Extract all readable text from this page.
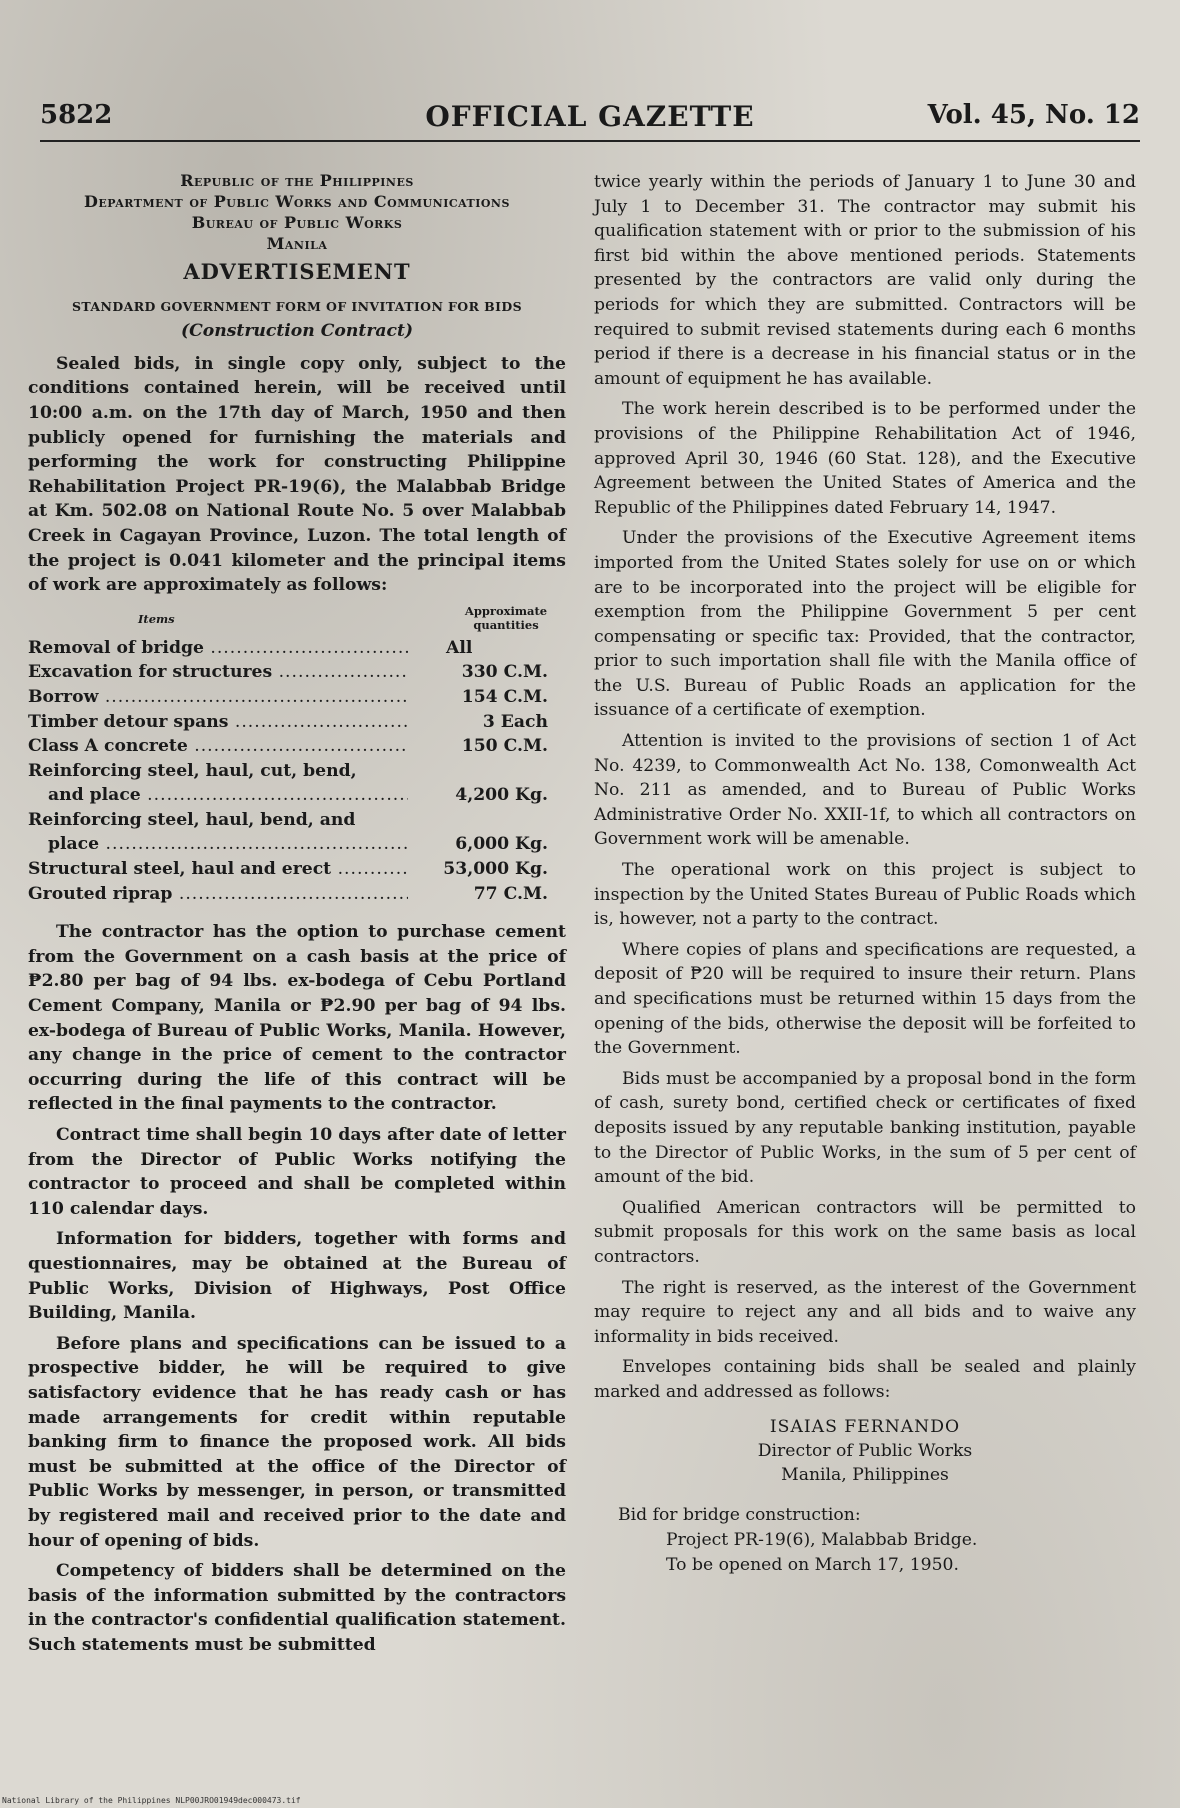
OFFICIAL GAZETTE
5822	Vol. 45, No. 12
Republic of the Philippines
Department of Public Works and Communications
Bureau of Public Works
Manila
ADVERTISEMENT
STANDARD GOVERNMENT FORM OF INVITATION FOR BIDS
(Construction Contract)

Sealed bids, in single copy only, subject to the conditions contained herein, will be received until 10:00 a.m. on the 17th day of March, 1950 and then publicly opened for furnishing the materials and performing the work for constructing Philippine Rehabilitation Project PR-19(6), the Malabbab Bridge at Km. 502.08 on National Route No. 5 over Malabbab Creek in Cagayan Province, Luzon. The total length of the project is 0.041 kilometer and the principal items of work are approximately as follows:

Items
Approximate quantities
Removal of bridge .....	All
Excavation for structures .....	330 C.M.
Borrow .....	154 C.M.
Timber detour spans .....	3 Each
Class A concrete .....	150 C.M.
Reinforcing steel, haul, cut, bend,
and place .....	4,200 Kg.
Reinforcing steel, haul, bend, and
place .....	6,000 Kg.
Structural steel, haul and erect .....	53,000 Kg.
Grouted riprap .....	77 C.M.

The contractor has the option to purchase cement from the Government on a cash basis at the price of ₱2.80 per bag of 94 lbs. ex-bodega of Cebu Portland Cement Company, Manila or ₱2.90 per bag of 94 lbs. ex-bodega of Bureau of Public Works, Manila. However, any change in the price of cement to the contractor occurring during the life of this contract will be reflected in the final payments to the contractor.

Contract time shall begin 10 days after date of letter from the Director of Public Works notifying the contractor to proceed and shall be completed within 110 calendar days.

Information for bidders, together with forms and questionnaires, may be obtained at the Bureau of Public Works, Division of Highways, Post Office Building, Manila.

Before plans and specifications can be issued to a prospective bidder, he will be required to give satisfactory evidence that he has ready cash or has made arrangements for credit within reputable banking firm to finance the proposed work. All bids must be submitted at the office of the Director of Public Works by messenger, in person, or transmitted by registered mail and received prior to the date and hour of opening of bids.

Competency of bidders shall be determined on the basis of the information submitted by the contractors in the contractor's confidential qualification statement. Such statements must be submitted

twice yearly within the periods of January 1 to June 30 and July 1 to December 31. The contractor may submit his qualification statement with or prior to the submission of his first bid within the above mentioned periods. Statements presented by the contractors are valid only during the periods for which they are submitted. Contractors will be required to submit revised statements during each 6 months period if there is a decrease in his financial status or in the amount of equipment he has available.

The work herein described is to be performed under the provisions of the Philippine Rehabilitation Act of 1946, approved April 30, 1946 (60 Stat. 128), and the Executive Agreement between the United States of America and the Republic of the Philippines dated February 14, 1947.

Under the provisions of the Executive Agreement items imported from the United States solely for use on or which are to be incorporated into the project will be eligible for exemption from the Philippine Government 5 per cent compensating or specific tax: Provided, that the contractor, prior to such importation shall file with the Manila office of the U.S. Bureau of Public Roads an application for the issuance of a certificate of exemption.

Attention is invited to the provisions of section 1 of Act No. 4239, to Commonwealth Act No. 138, Comonwealth Act No. 211 as amended, and to Bureau of Public Works Administrative Order No. XXII-1f, to which all contractors on Government work will be amenable.

The operational work on this project is subject to inspection by the United States Bureau of Public Roads which is, however, not a party to the contract.

Where copies of plans and specifications are requested, a deposit of ₱20 will be required to insure their return. Plans and specifications must be returned within 15 days from the opening of the bids, otherwise the deposit will be forfeited to the Government.

Bids must be accompanied by a proposal bond in the form of cash, surety bond, certified check or certificates of fixed deposits issued by any reputable banking institution, payable to the Director of Public Works, in the sum of 5 per cent of amount of the bid.

Qualified American contractors will be permitted to submit proposals for this work on the same basis as local contractors.

The right is reserved, as the interest of the Government may require to reject any and all bids and to waive any informality in bids received.

Envelopes containing bids shall be sealed and plainly marked and addressed as follows:

ISAIAS FERNANDO
Director of Public Works
Manila, Philippines
Bid for bridge construction:
Project PR-19(6), Malabbab Bridge.
To be opened on March 17, 1950.
National Library of the Philippines NLP00JRO01949dec000473.tif
